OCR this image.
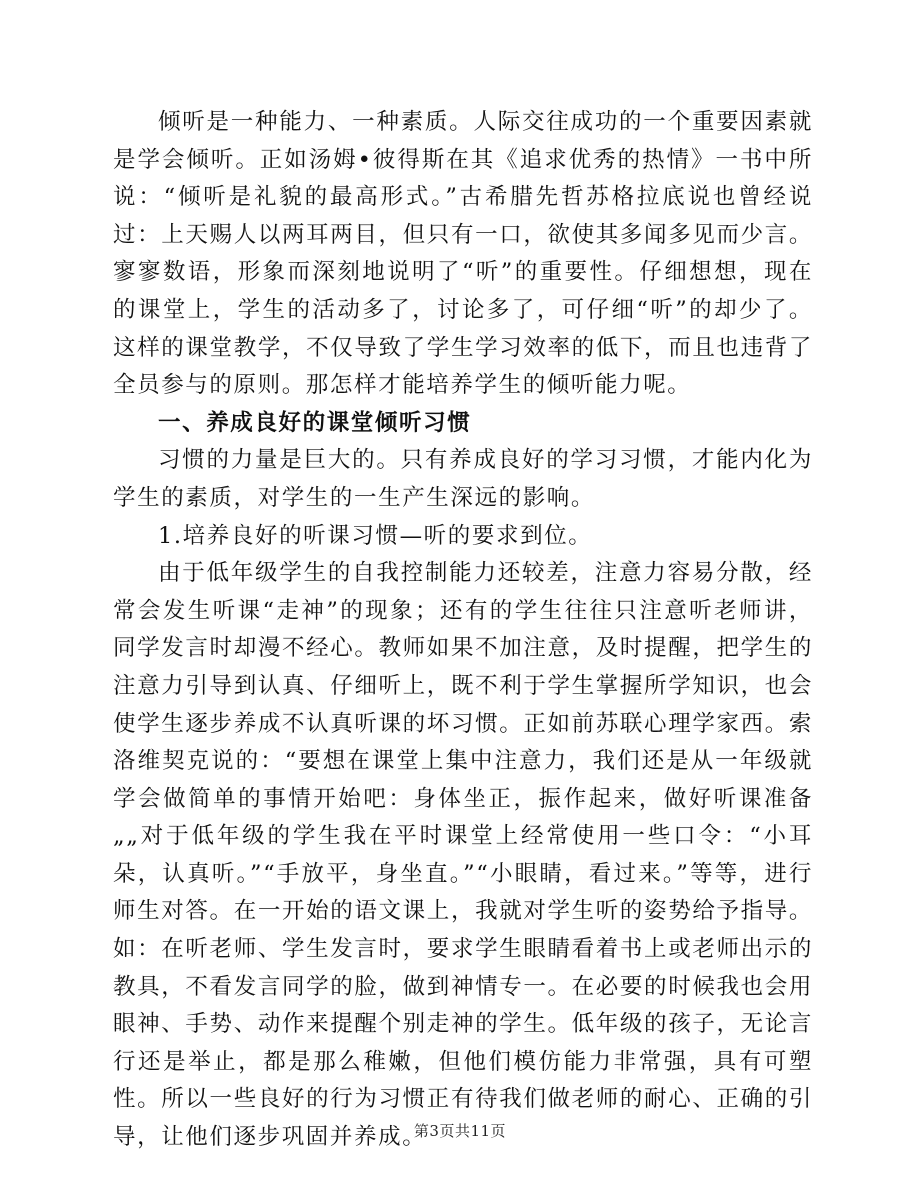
倾听是一种能力、一种素质。人际交往成功的一个重要因素就是学会倾听。正如汤姆•彼得斯在其《追求优秀的热情》一书中所说：“倾听是礼貌的最高形式。”古希腊先哲苏格拉底说也曾经说过：上天赐人以两耳两目，但只有一口，欲使其多闻多见而少言。寥寥数语，形象而深刻地说明了“听”的重要性。仔细想想，现在的课堂上，学生的活动多了，讨论多了，可仔细“听”的却少了。这样的课堂教学，不仅导致了学生学习效率的低下，而且也违背了全员参与的原则。那怎样才能培养学生的倾听能力呢。

一、养成良好的课堂倾听习惯

习惯的力量是巨大的。只有养成良好的学习习惯，才能内化为学生的素质，对学生的一生产生深远的影响。

1.培养良好的听课习惯—听的要求到位。

由于低年级学生的自我控制能力还较差，注意力容易分散，经常会发生听课“走神”的现象；还有的学生往往只注意听老师讲，同学发言时却漫不经心。教师如果不加注意，及时提醒，把学生的注意力引导到认真、仔细听上，既不利于学生掌握所学知识，也会使学生逐步养成不认真听课的坏习惯。正如前苏联心理学家西。索洛维契克说的：“要想在课堂上集中注意力，我们还是从一年级就学会做简单的事情开始吧：身体坐正，振作起来，做好听课准备„„对于低年级的学生我在平时课堂上经常使用一些口令：“小耳朵，认真听。”“手放平，身坐直。”“小眼睛，看过来。”等等，进行师生对答。在一开始的语文课上，我就对学生听的姿势给予指导。如：在听老师、学生发言时，要求学生眼睛看着书上或老师出示的教具，不看发言同学的脸，做到神情专一。在必要的时候我也会用眼神、手势、动作来提醒个别走神的学生。低年级的孩子，无论言行还是举止，都是那么稚嫩，但他们模仿能力非常强，具有可塑性。所以一些良好的行为习惯正有待我们做老师的耐心、正确的引导，让他们逐步巩固并养成。

第3页共11页
